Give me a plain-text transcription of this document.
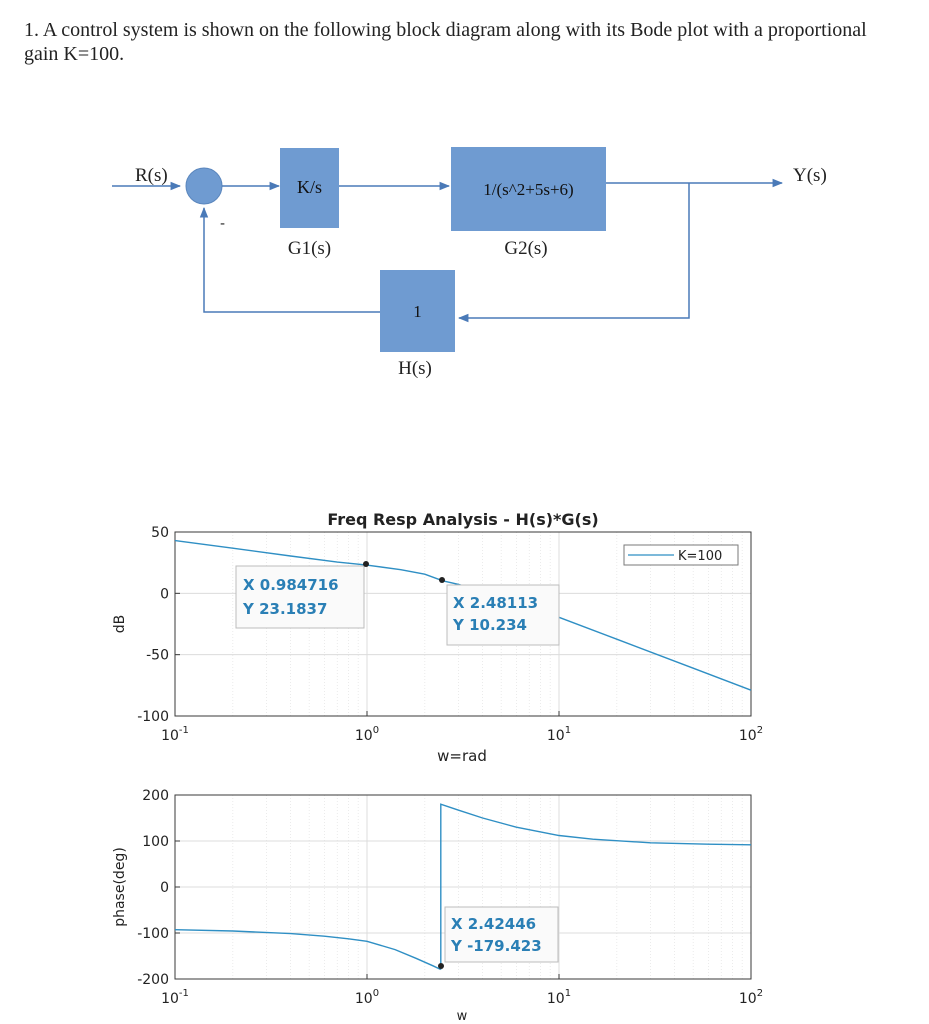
1. A control system is shown on the following block diagram along with its Bode plot with a proportional gain K=100.
R(s)
-
K/s
G1(s)
1/(s^2+5s+6)
G2(s)
Y(s)
1
H(s)
Freq Resp Analysis - H(s)*G(s)
50
0
-50
-100
$10^{-1}$	$10^0$	$10^1$	$10^2$
dB
w=rad
K=100
X 0.984716
Y 23.1837	X 2.48113
Y 10.234
200
100
0
-100
-200
$10^{-1}$	$10^0$	$10^1$	$10^2$
phase(deg)
w
X 2.42446
Y -179.423
